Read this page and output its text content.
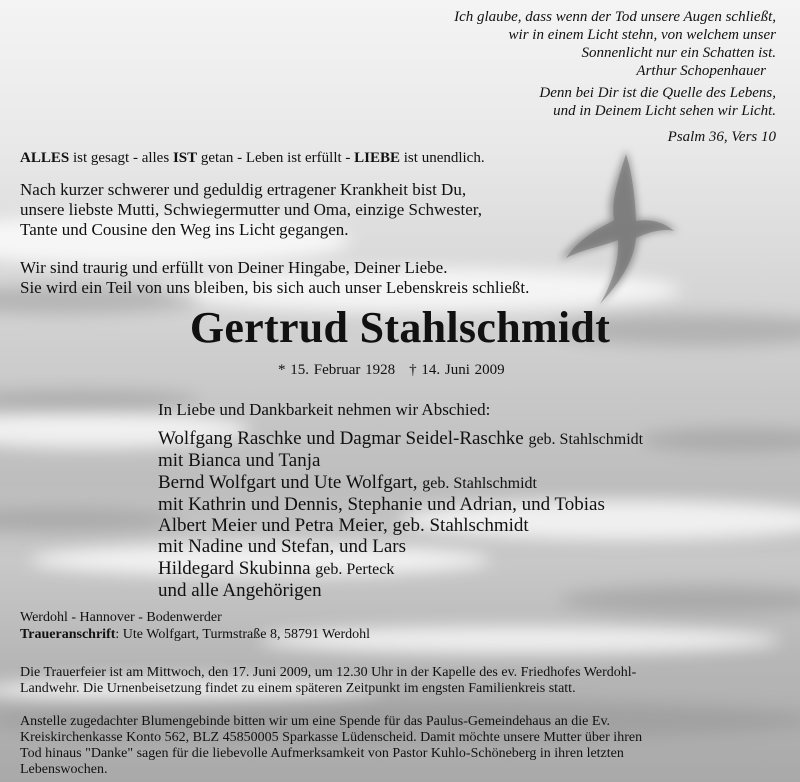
Ich glaube, dass wenn der Tod unsere Augen schließt,
wir in einem Licht stehn, von welchem unser
Sonnenlicht nur ein Schatten ist.
Arthur Schopenhauer
Denn bei Dir ist die Quelle des Lebens,
und in Deinem Licht sehen wir Licht.
Psalm 36, Vers 10
ALLES ist gesagt - alles IST getan - Leben ist erfüllt - LIEBE ist unendlich.
Nach kurzer schwerer und geduldig ertragener Krankheit bist Du,
unsere liebste Mutti, Schwiegermutter und Oma, einzige Schwester,
Tante und Cousine den Weg ins Licht gegangen.
Wir sind traurig und erfüllt von Deiner Hingabe, Deiner Liebe.
Sie wird ein Teil von uns bleiben, bis sich auch unser Lebenskreis schließt.
Gertrud Stahlschmidt
* 15. Februar 1928 † 14. Juni 2009
In Liebe und Dankbarkeit nehmen wir Abschied:
Wolfgang Raschke und Dagmar Seidel-Raschke geb. Stahlschmidt
mit Bianca und Tanja
Bernd Wolfgart und Ute Wolfgart, geb. Stahlschmidt
mit Kathrin und Dennis, Stephanie und Adrian, und Tobias
Albert Meier und Petra Meier, geb. Stahlschmidt
mit Nadine und Stefan, und Lars
Hildegard Skubinna geb. Perteck
und alle Angehörigen
Werdohl - Hannover - Bodenwerder
Traueranschrift: Ute Wolfgart, Turmstraße 8, 58791 Werdohl
Die Trauerfeier ist am Mittwoch, den 17. Juni 2009, um 12.30 Uhr in der Kapelle des ev. Friedhofes Werdohl-
Landwehr. Die Urnenbeisetzung findet zu einem späteren Zeitpunkt im engsten Familienkreis statt.
Anstelle zugedachter Blumengebinde bitten wir um eine Spende für das Paulus-Gemeindehaus an die Ev.
Kreiskirchenkasse Konto 562, BLZ 45850005 Sparkasse Lüdenscheid. Damit möchte unsere Mutter über ihren
Tod hinaus "Danke" sagen für die liebevolle Aufmerksamkeit von Pastor Kuhlo-Schöneberg in ihren letzten
Lebenswochen.
